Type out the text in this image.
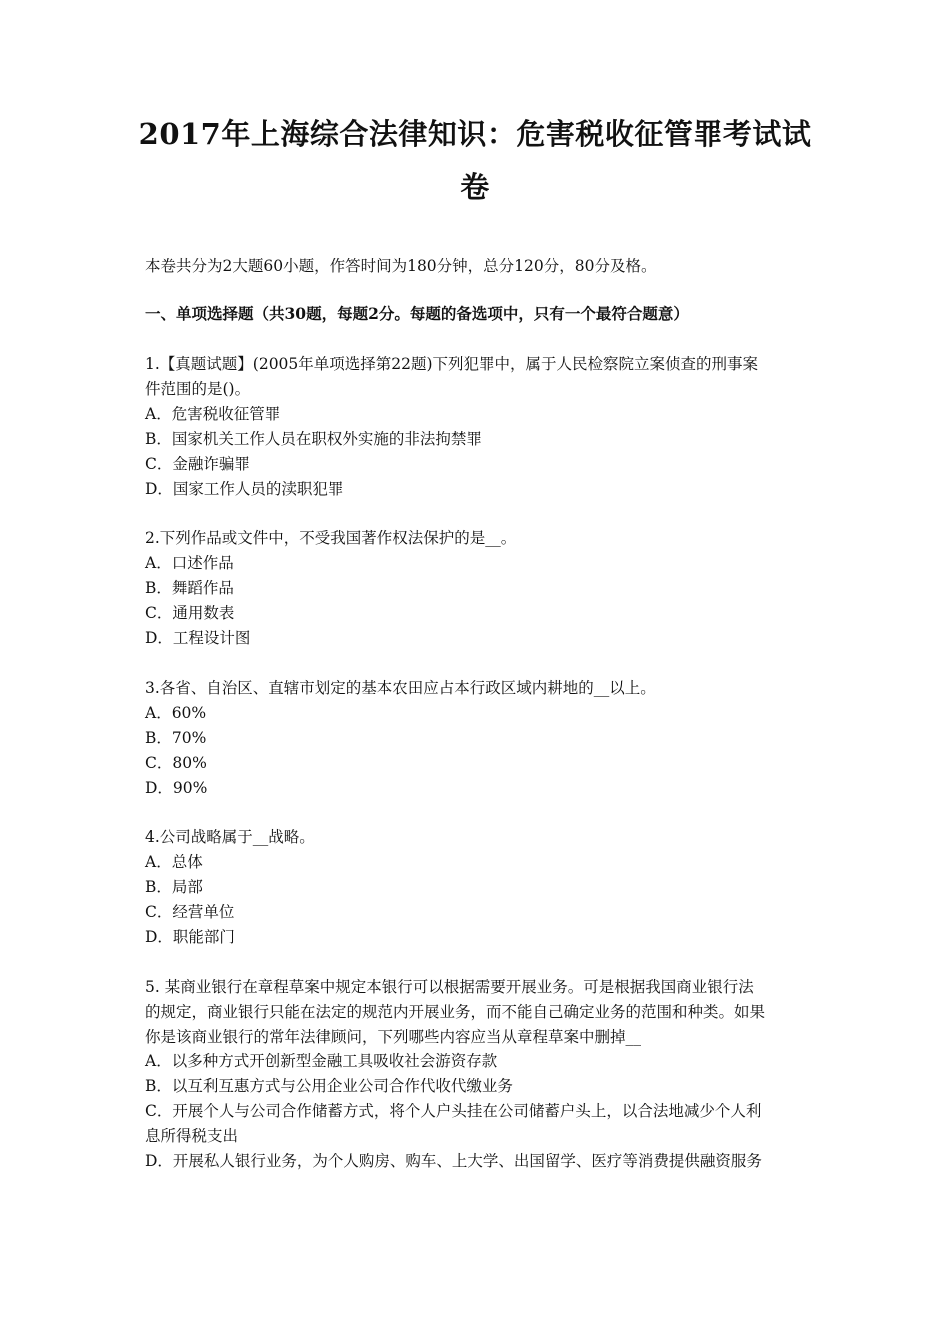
2017年上海综合法律知识：危害税收征管罪考试试
卷
本卷共分为2大题60小题，作答时间为180分钟，总分120分，80分及格。
一、单项选择题（共30题，每题2分。每题的备选项中，只有一个最符合题意）
1.【真题试题】(2005年单项选择第22题)下列犯罪中，属于人民检察院立案侦查的刑事案
件范围的是()。
A．危害税收征管罪
B．国家机关工作人员在职权外实施的非法拘禁罪
C．金融诈骗罪
D．国家工作人员的渎职犯罪
2.下列作品或文件中，不受我国著作权法保护的是__。
A．口述作品
B．舞蹈作品
C．通用数表
D．工程设计图
3.各省、自治区、直辖市划定的基本农田应占本行政区域内耕地的__以上。
A．60%
B．70%
C．80%
D．90%
4.公司战略属于__战略。
A．总体
B．局部
C．经营单位
D．职能部门
5. 某商业银行在章程草案中规定本银行可以根据需要开展业务。可是根据我国商业银行法
的规定，商业银行只能在法定的规范内开展业务，而不能自己确定业务的范围和种类。如果
你是该商业银行的常年法律顾问，下列哪些内容应当从章程草案中删掉__
A．以多种方式开创新型金融工具吸收社会游资存款
B．以互利互惠方式与公用企业公司合作代收代缴业务
C．开展个人与公司合作储蓄方式，将个人户头挂在公司储蓄户头上，以合法地减少个人利
息所得税支出
D．开展私人银行业务，为个人购房、购车、上大学、出国留学、医疗等消费提供融资服务
